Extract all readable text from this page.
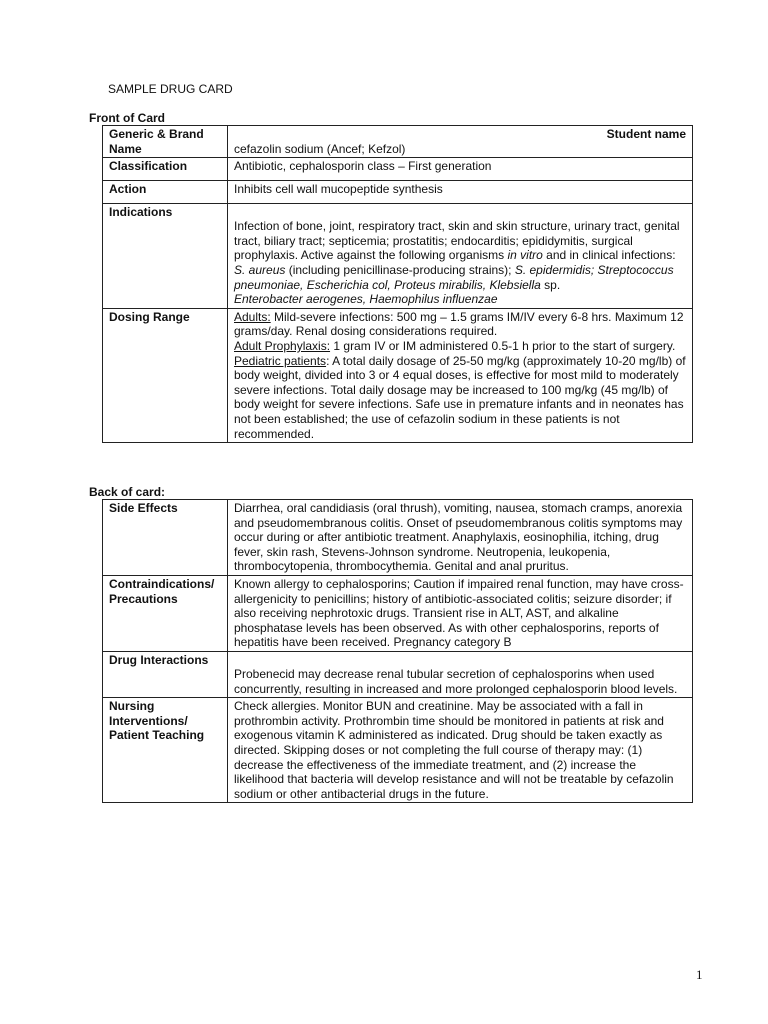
SAMPLE DRUG CARD
Front of Card
Generic & Brand Name	Student name
cefazolin sodium (Ancef; Kefzol)

Classification	Antibiotic, cephalosporin class – First generation
Action	Inhibits cell wall mucopeptide synthesis
Indications	Infection of bone, joint, respiratory tract, skin and skin structure, urinary tract, genital tract, biliary tract; septicemia; prostatitis; endocarditis; epididymitis, surgical prophylaxis. Active against the following organisms in vitro and in clinical infections: S. aureus (including penicillinase-producing strains); S. epidermidis; Streptococcus pneumoniae, Escherichia col, Proteus mirabilis, Klebsiella sp.
Enterobacter aerogenes, Haemophilus influenzae
Dosing Range	Adults: Mild-severe infections: 500 mg – 1.5 grams IM/IV every 6-8 hrs. Maximum 12 grams/day. Renal dosing considerations required.

Adult Prophylaxis: 1 gram IV or IM administered 0.5-1 h prior to the start of surgery.

Pediatric patients: A total daily dosage of 25-50 mg/kg (approximately 10-20 mg/lb) of body weight, divided into 3 or 4 equal doses, is effective for most mild to moderately severe infections. Total daily dosage may be increased to 100 mg/kg (45 mg/lb) of body weight for severe infections. Safe use in premature infants and in neonates has not been established; the use of cefazolin sodium in these patients is not recommended.

Back of card:
Side Effects	Diarrhea, oral candidiasis (oral thrush), vomiting, nausea, stomach cramps, anorexia and pseudomembranous colitis. Onset of pseudomembranous colitis symptoms may occur during or after antibiotic treatment. Anaphylaxis, eosinophilia, itching, drug fever, skin rash, Stevens-Johnson syndrome. Neutropenia, leukopenia, thrombocytopenia, thrombocythemia. Genital and anal pruritus.
Contraindications/ Precautions	Known allergy to cephalosporins; Caution if impaired renal function, may have cross-allergenicity to penicillins; history of antibiotic-associated colitis; seizure disorder; if also receiving nephrotoxic drugs. Transient rise in ALT, AST, and alkaline phosphatase levels has been observed. As with other cephalosporins, reports of hepatitis have been received. Pregnancy category B
Drug Interactions	Probenecid may decrease renal tubular secretion of cephalosporins when used concurrently, resulting in increased and more prolonged cephalosporin blood levels.
Nursing Interventions/ Patient Teaching	Check allergies. Monitor BUN and creatinine. May be associated with a fall in prothrombin activity. Prothrombin time should be monitored in patients at risk and exogenous vitamin K administered as indicated. Drug should be taken exactly as directed. Skipping doses or not completing the full course of therapy may: (1) decrease the effectiveness of the immediate treatment, and (2) increase the likelihood that bacteria will develop resistance and will not be treatable by cefazolin sodium or other antibacterial drugs in the future.
1
